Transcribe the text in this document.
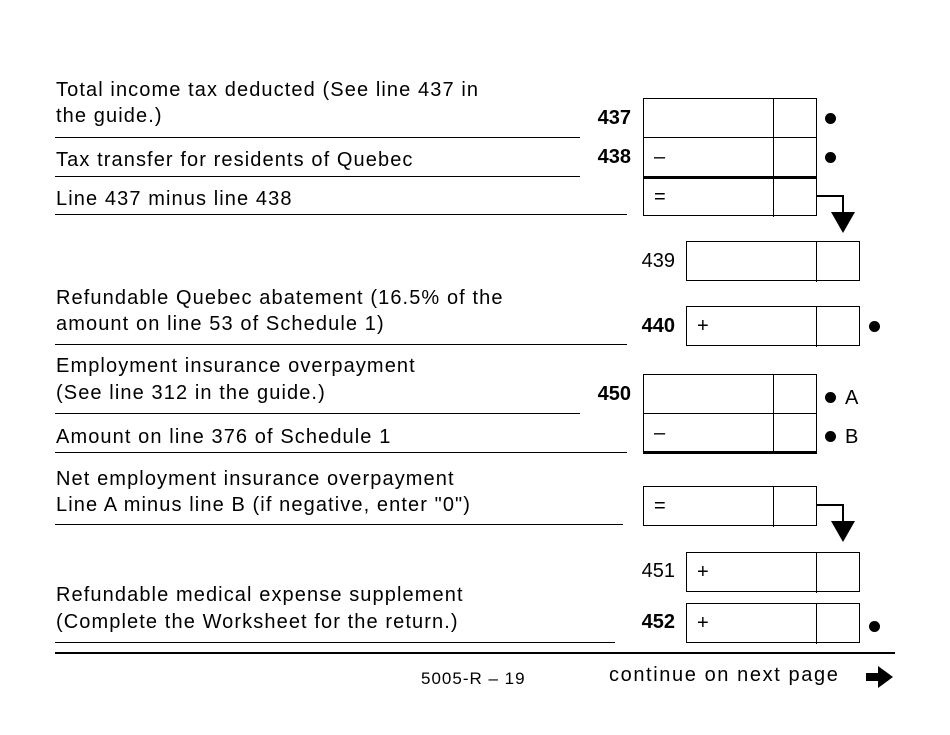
Total income tax deducted (See line 437 in
the guide.)	437
Tax transfer for residents of Quebec	438 –
Line 437 minus line 438	=
439
Refundable Quebec abatement (16.5% of the
amount on line 53 of Schedule 1)	440 +
Employment insurance overpayment
(See line 312 in the guide.)	450	A
Amount on line 376 of Schedule 1	–	B
Net employment insurance overpayment
Line A minus line B (if negative, enter "0")	=
451 +
Refundable medical expense supplement
(Complete the Worksheet for the return.)	452 +
5005-R – 19	continue on next page
